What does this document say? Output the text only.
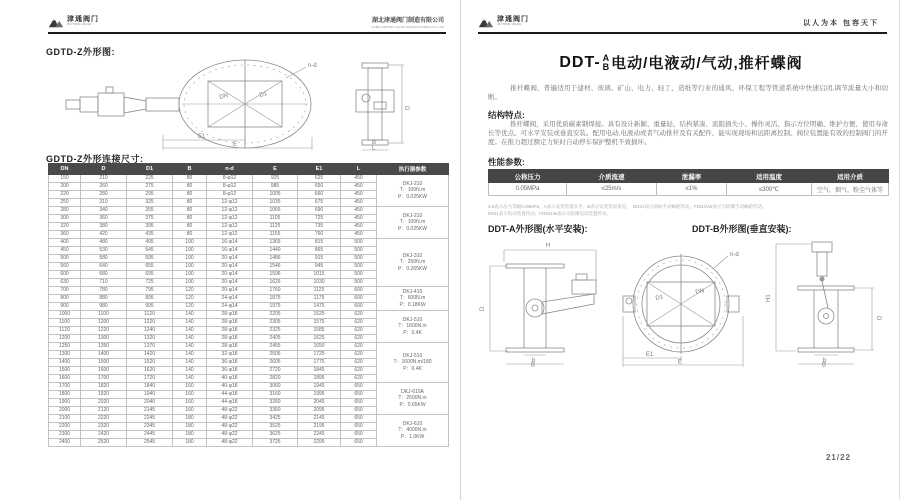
津通阀门
JIN TONG VALVE	湖北津通阀门制造有限公司
HUBEI JINTONG VALVE MANUFACTURING CO.,LTD
GDTD-Z外形图:
DN	D1
n-d
E1
E
D
B
L
GDTD-Z外形连接尺寸:
DN	D	D1	B	n-d	E	E1	L	执行器参数
150	210	225	80	8-φ12	925	625	450	DKJ-210
T：100N.m
P：0.025KW

200	260	275	80	8-φ12	985	650	450	
220	280	295	80	8-φ12	1005	660	450	
250	310	325	80	12-φ12	1035	675	450	
280	340	355	80	12-φ12	1065	690	450	DKJ-210
T：100N.m
P：0.025KW

300	360	375	80	12-φ12	1105	725	450	
320	380	395	80	12-φ12	1125	735	450	
360	420	435	80	12-φ12	1155	760	450	
400	480	495	100	16-φ14	1365	815	500	DKJ-310
T：250N.m
P：0.265KW

450	530	545	100	16-φ14	1440	865	500	
500	580	595	100	20-φ14	1486	915	500	
560	640	655	100	20-φ14	1546	945	500	
600	680	695	100	20-φ14	1596	1015	500	
630	710	725	100	20-φ14	1626	1030	500	
700	780	795	120	20-φ14	1760	1125	600	DKJ-410
T：600N.m
P：0.18KW

800	880	895	120	24-φ14	1875	1175	600	
900	980	995	120	24-φ14	1975	1475	600	
1000	1100	1120	140	28-φ18	2205	1525	620	DKJ-510
T：1600N.m
P：0.4K

1100	1200	1220	140	28-φ18	2305	1575	620	
1120	1220	1240	140	28-φ18	2325	1585	620	
1200	1300	1320	140	28-φ18	2405	1625	620	
1250	1350	1370	140	28-φ18	2455	1650	620	DKJ-510
T：1600N.m/180
P：0.4K

1300	1400	1420	140	32-φ18	2505	1725	620	
1400	1500	1520	140	36-φ18	2605	1775	620	
1500	1600	1620	140	36-φ18	2720	1845	620	
1600	1700	1720	140	40-φ18	2820	1895	620	
1700	1820	1840	160	40-φ18	3060	1945	650	DKJ-610A
T：2500N.m
P：0.65KW

1800	1920	1940	160	44-φ18	3160	1995	650	
1900	2020	2040	160	44-φ18	3260	2045	650	
2000	2120	2145	160	48-φ22	3360	2095	650	
2100	2220	2245	180	48-φ22	3425	2145	650	DKJ-610
T：4000N.m
P：1.0KW

2200	2320	2345	180	48-φ22	3525	2195	650	
2300	2420	2445	180	48-φ22	3625	2245	650	
2400	2520	2545	180	48-φ22	3725	2295	650	
津通阀门
JIN TONG VALVE	以人为本 包容天下
DDT- A
B 电动/电液动/气动,推杆蝶阀
推杆蝶阀，普遍适用于建材、玻璃、矿山、电力、轻工、造纸等行业的通风、环保工程等管道系统中快速启闭,调节流量大小和切断。
结构特点:
推杆蝶阀，采用优质碳素钢焊接。具有设计新颖、重量轻、结构紧凑、流阻损失小、操作灵活、指示方位明确、维护方便、使用寿命长等优点。可水平安装或垂直安装。配用电动,电液动或者气动推杆及有关配件、能实现现场和远距离控制。阀位装置能有效的控制阀门的开度。在推力超过额定力矩时自动停车保护整机不致损坏。
性能参数:
公称压力	介质流速	泄漏率	适用温度	适用介质
0.05MPa	≤25m/s	≤1%	≤300℃	空气、烟气、粉尘气体等
0.5表示压力等级0.05MPa，A表示安装管道水平，B表示安装管道垂直。　DD41表示国标手动蜗轮传动，FDD41W表示为防爆手动蜗轮传动。
D941表示电动装置传动，FD941W表示为防爆电动装置传动。
DDT-A外形图(水平安装):	DDT-B外形图(垂直安装):
D
H
b
B
D1
DN
n-d
E1
E
H1
D
b
B
21/22
